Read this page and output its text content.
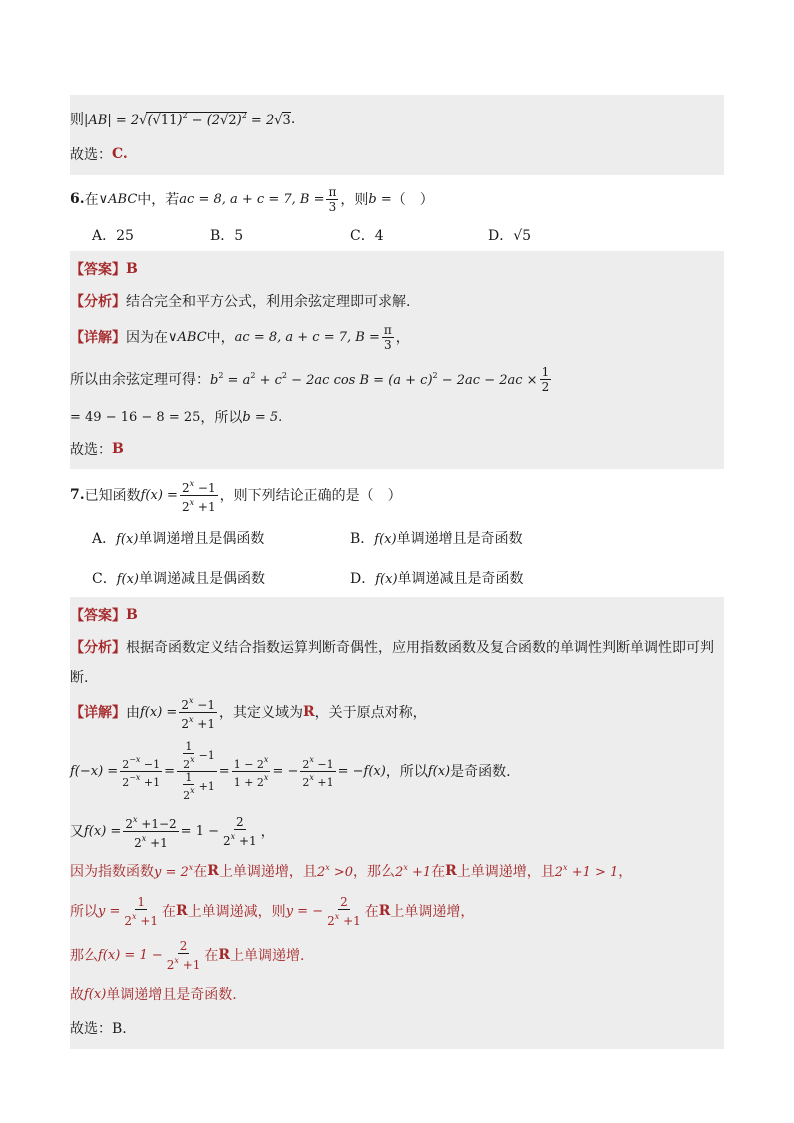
则 $|AB| = 2√(√11)^2 - (2√2)^2 = 2√3$ .
故选： C.
6. 在 ∨ABC 中，若 ac = 8, a + c = 7, $B = \frac{\pi}{3}$ ，则 b = （　）
A．25	B．5	C．4	D．√5
【答案】 B
【分析】 结合完全和平方公式，利用余弦定理即可求解.
【详解】 因为在 ∨ABC 中， ac = 8, a + c = 7, $B = \frac{\pi}{3}$ ，
所以由余弦定理可得： $b^2 = a^2 + c^2 - 2ac$ $\cos B = (a + c)^2 - 2ac - 2ac \times \frac{1}{2}$
= 49 − 16 − 8 = 25 ，所以 b = 5.
故选： B
7. 已知函数 $f(x) = \frac{2^x -1}{2^x +1}$ ，则下列结论正确的是（　）
A．f(x)单调递增且是偶函数	B．f(x)单调递增且是奇函数
C．f(x)单调递减且是偶函数	D．f(x)单调递减且是奇函数
【答案】 B
【分析】 根据奇函数定义结合指数运算判断奇偶性，应用指数函数及复合函数的单调性判断单调性即可判
断.
【详解】 由 $f(x) = \frac{2^x -1}{2^x +1}$ ，其定义域为 R ，关于原点对称，
$f(-x) = \frac{2^{-x} -1}{2^{-x} +1} = \frac{\frac{1}{2^x} -1}{\frac{1}{2^x} +1} = \frac{1 - 2^x}{1 + 2^x}$ = − $\frac{2^x -1}{2^x +1} = -f(x)$ ，所以 f(x) 是奇函数.
又 $f(x) = \frac{2^x +1-2}{2^x +1} = 1 - \frac{2}{2^x +1}$ ，
因为指数函数 $y = 2^x$ 在 R 上单调递增，且 $2^x >0$ ，那么 $2^x +1$ 在 R 上单调递增，且 $2^x +1 > 1$ ，
所以 $y = \frac{1}{2^x +1}$ 在 R 上单调递减，则 y = − $\frac{2}{2^x +1}$ 在 R 上单调递增，
那么 $f(x) = 1 - \frac{2}{2^x +1}$ 在 R 上单调递增.
故 f(x) 单调递增且是奇函数.
故选：B.
